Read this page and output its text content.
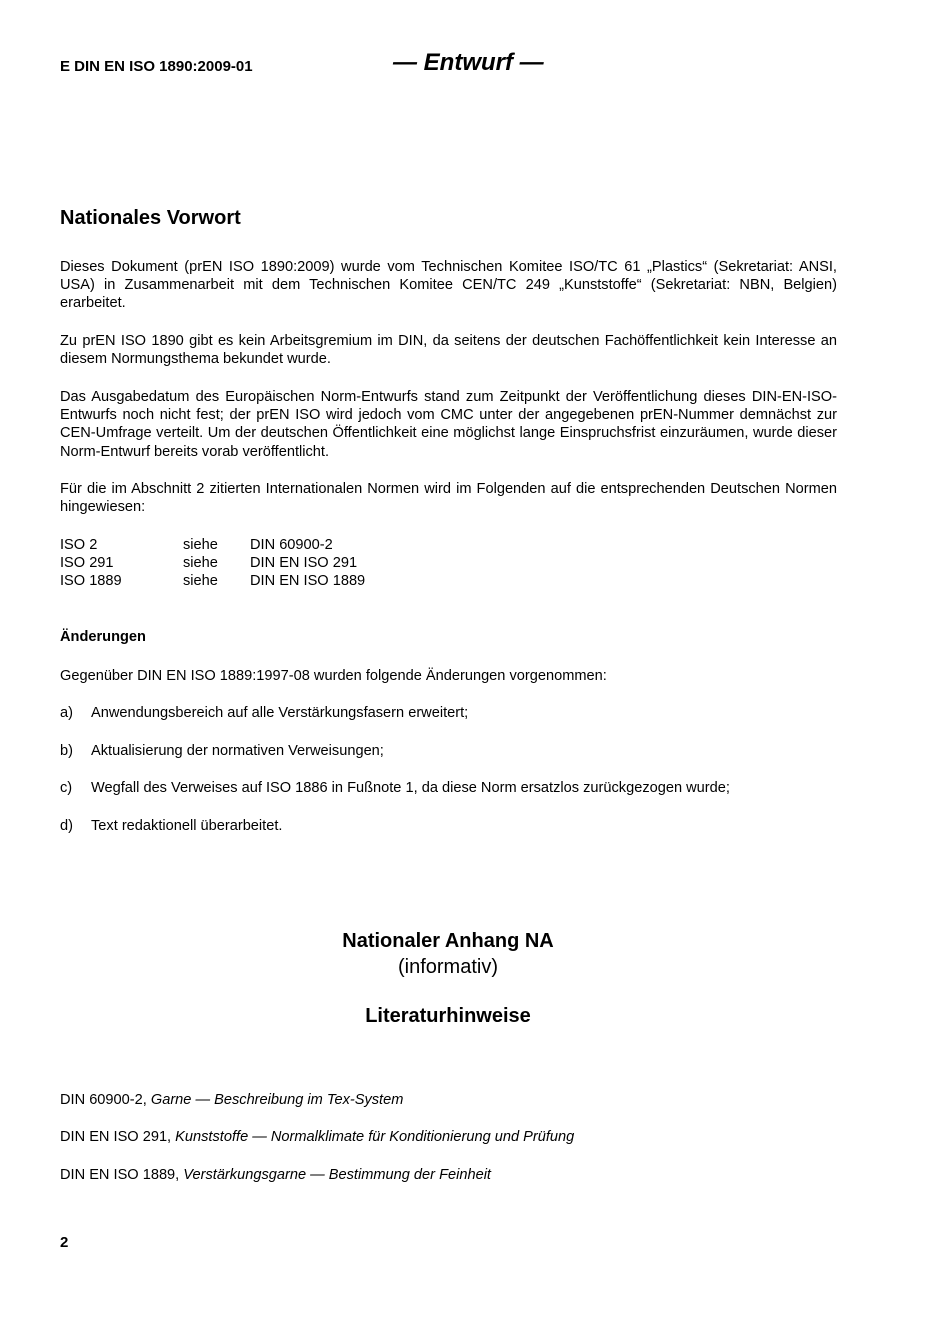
E DIN EN ISO 1890:2009-01	— Entwurf —
Nationales Vorwort

Dieses Dokument (prEN ISO 1890:2009) wurde vom Technischen Komitee ISO/TC 61 „Plastics“ (Sekretariat: ANSI, USA) in Zusammenarbeit mit dem Technischen Komitee CEN/TC 249 „Kunststoffe“ (Sekretariat: NBN, Belgien) erarbeitet.

Zu prEN ISO 1890 gibt es kein Arbeitsgremium im DIN, da seitens der deutschen Fachöffentlichkeit kein Interesse an diesem Normungsthema bekundet wurde.

Das Ausgabedatum des Europäischen Norm-Entwurfs stand zum Zeitpunkt der Veröffentlichung dieses DIN-EN-ISO-Entwurfs noch nicht fest; der prEN ISO wird jedoch vom CMC unter der angegebenen prEN-Nummer demnächst zur CEN-Umfrage verteilt. Um der deutschen Öffentlichkeit eine möglichst lange Einspruchsfrist einzuräumen, wurde dieser Norm-Entwurf bereits vorab veröffentlicht.

Für die im Abschnitt 2 zitierten Internationalen Normen wird im Folgenden auf die entsprechenden Deutschen Normen hingewiesen:

ISO 2	siehe DIN 60900-2
ISO 291	siehe DIN EN ISO 291
ISO 1889	siehe DIN EN ISO 1889
Änderungen
Gegenüber DIN EN ISO 1889:1997-08 wurden folgende Änderungen vorgenommen:
a) Anwendungsbereich auf alle Verstärkungsfasern erweitert;
b) Aktualisierung der normativen Verweisungen;
c) Wegfall des Verweises auf ISO 1886 in Fußnote 1, da diese Norm ersatzlos zurückgezogen wurde;
d) Text redaktionell überarbeitet.
Nationaler Anhang NA
(informativ)
Literaturhinweise
DIN 60900-2, Garne — Beschreibung im Tex-System
DIN EN ISO 291, Kunststoffe — Normalklimate für Konditionierung und Prüfung
DIN EN ISO 1889, Verstärkungsgarne — Bestimmung der Feinheit
2
